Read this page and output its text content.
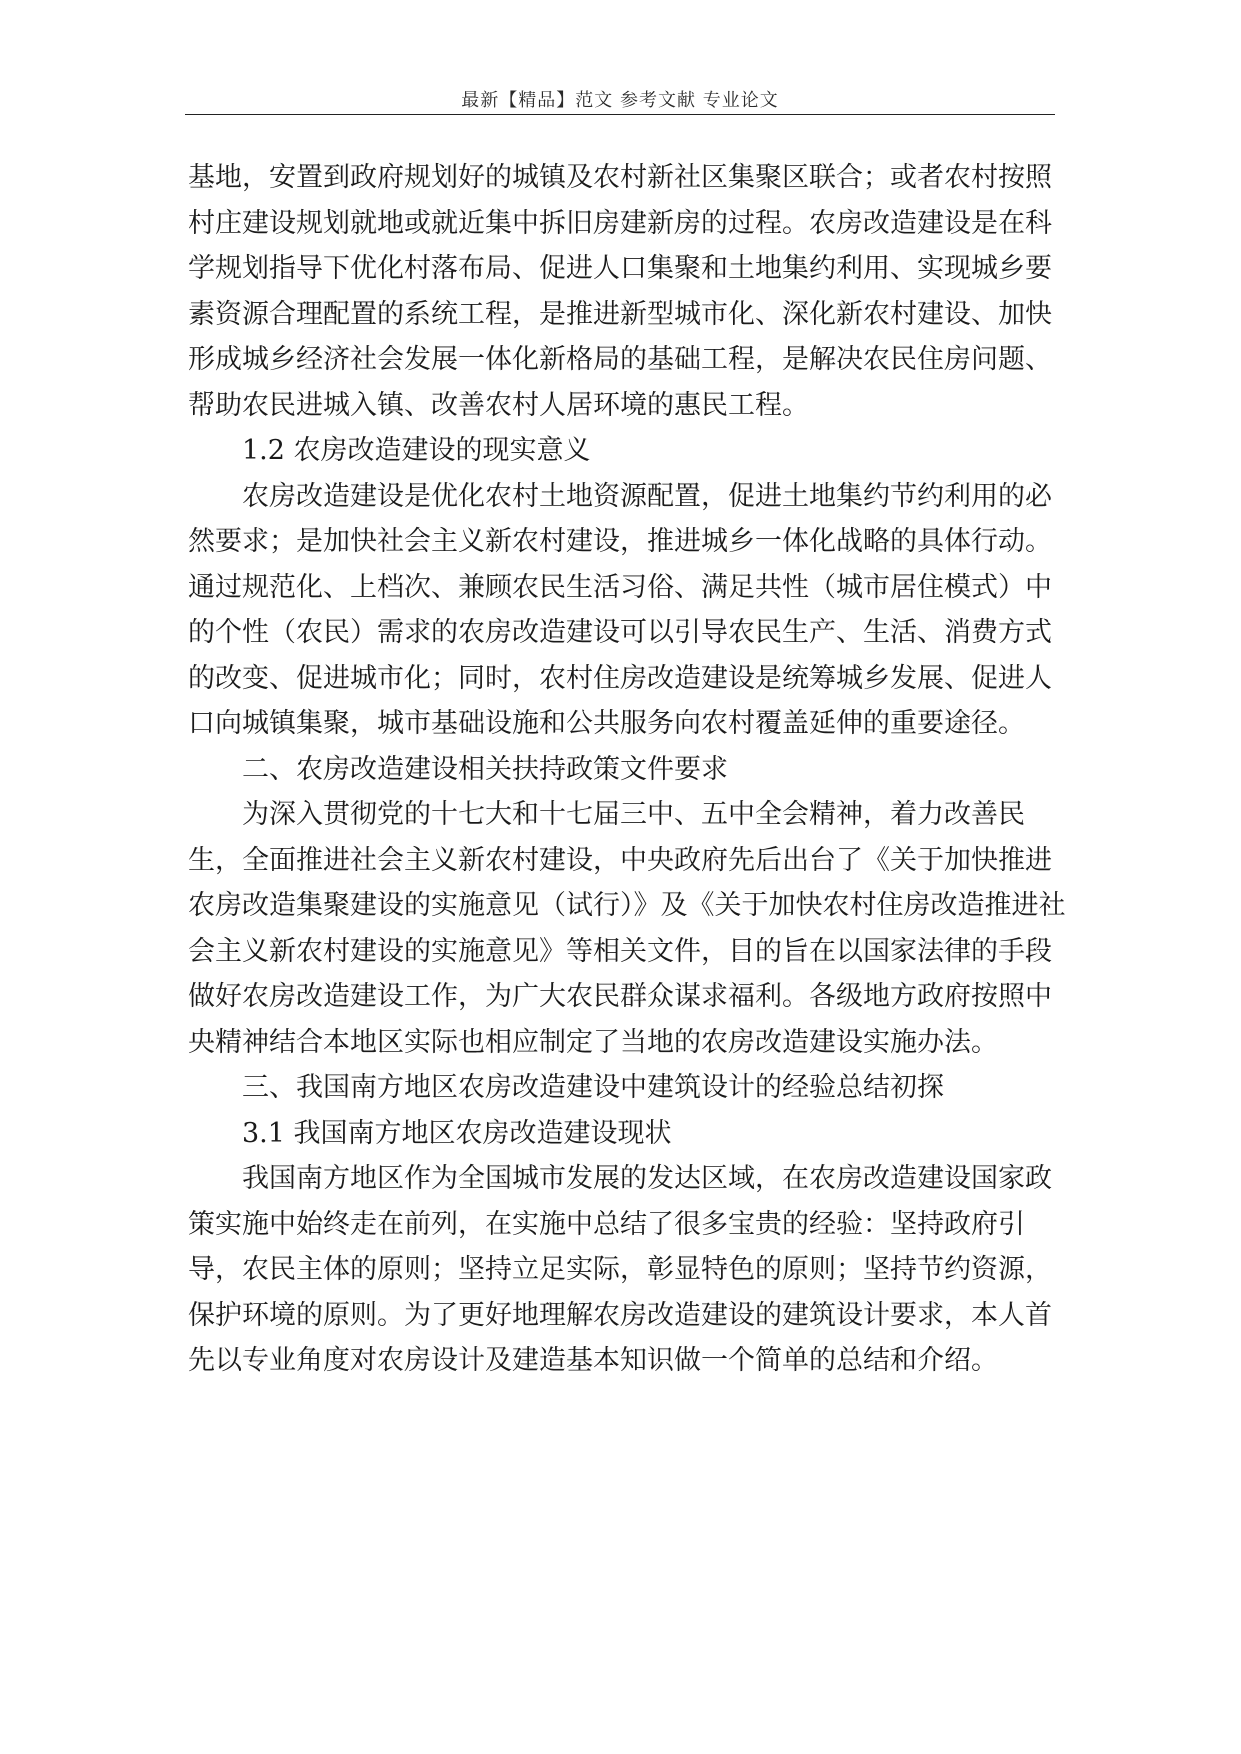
最新【精品】范文 参考文献 专业论文

基地，安置到政府规划好的城镇及农村新社区集聚区联合；或者农村按照村庄建设规划就地或就近集中拆旧房建新房的过程。农房改造建设是在科学规划指导下优化村落布局、促进人口集聚和土地集约利用、实现城乡要素资源合理配置的系统工程，是推进新型城市化、深化新农村建设、加快形成城乡经济社会发展一体化新格局的基础工程，是解决农民住房问题、帮助农民进城入镇、改善农村人居环境的惠民工程。

1.2 农房改造建设的现实意义

农房改造建设是优化农村土地资源配置，促进土地集约节约利用的必然要求；是加快社会主义新农村建设，推进城乡一体化战略的具体行动。通过规范化、上档次、兼顾农民生活习俗、满足共性（城市居住模式）中的个性（农民）需求的农房改造建设可以引导农民生产、生活、消费方式的改变、促进城市化；同时，农村住房改造建设是统筹城乡发展、促进人口向城镇集聚，城市基础设施和公共服务向农村覆盖延伸的重要途径。

二、农房改造建设相关扶持政策文件要求

为深入贯彻党的十七大和十七届三中、五中全会精神，着力改善民生，全面推进社会主义新农村建设，中央政府先后出台了《关于加快推进农房改造集聚建设的实施意见（试行）》及《关于加快农村住房改造推进社会主义新农村建设的实施意见》等相关文件，目的旨在以国家法律的手段做好农房改造建设工作，为广大农民群众谋求福利。各级地方政府按照中央精神结合本地区实际也相应制定了当地的农房改造建设实施办法。

三、我国南方地区农房改造建设中建筑设计的经验总结初探

3.1 我国南方地区农房改造建设现状

我国南方地区作为全国城市发展的发达区域，在农房改造建设国家政策实施中始终走在前列，在实施中总结了很多宝贵的经验：坚持政府引导，农民主体的原则；坚持立足实际，彰显特色的原则；坚持节约资源，保护环境的原则。为了更好地理解农房改造建设的建筑设计要求，本人首先以专业角度对农房设计及建造基本知识做一个简单的总结和介绍。
